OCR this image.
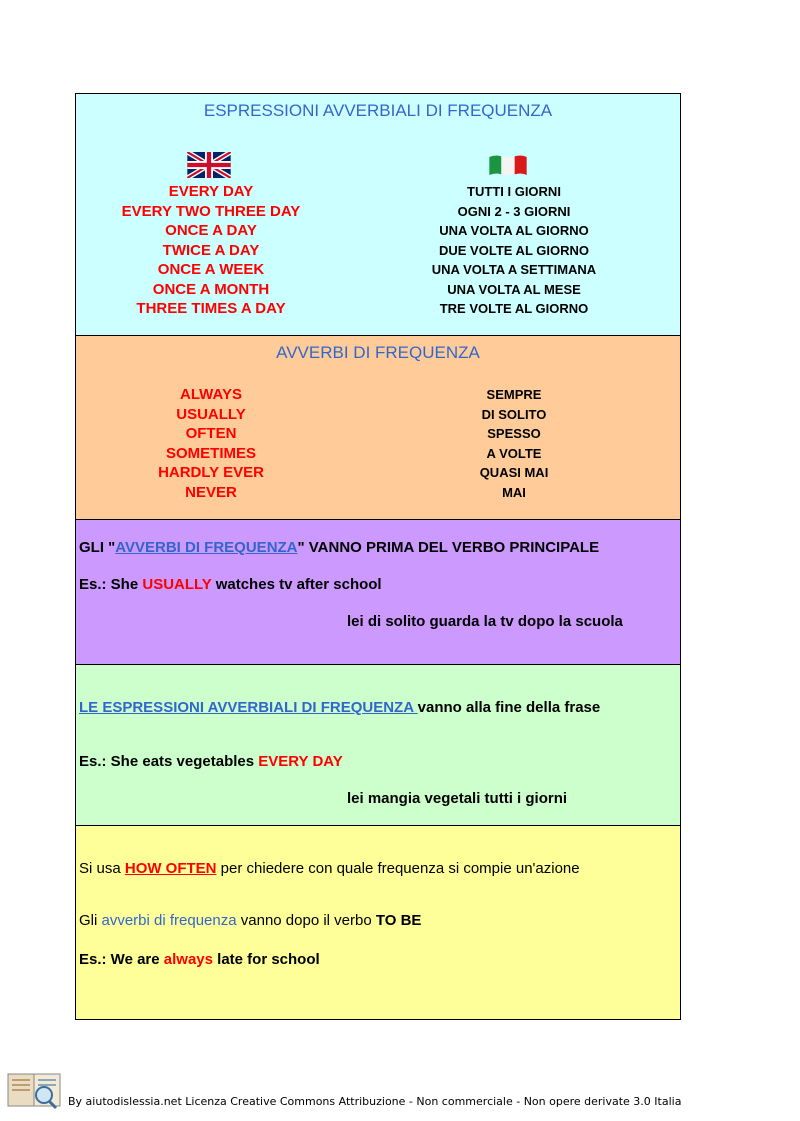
ESPRESSIONI AVVERBIALI DI FREQUENZA
EVERY DAY
EVERY TWO THREE DAY
ONCE A DAY
TWICE A DAY
ONCE A WEEK
ONCE A MONTH
THREE TIMES A DAY
TUTTI I GIORNI
OGNI 2 - 3 GIORNI
UNA VOLTA AL GIORNO
DUE VOLTE AL GIORNO
UNA VOLTA A SETTIMANA
UNA VOLTA AL MESE
TRE VOLTE AL GIORNO
AVVERBI DI FREQUENZA
ALWAYS
USUALLY
OFTEN
SOMETIMES
HARDLY EVER
NEVER
SEMPRE
DI SOLITO
SPESSO
A VOLTE
QUASI MAI
MAI
GLI "AVVERBI DI FREQUENZA" VANNO PRIMA DEL VERBO PRINCIPALE
Es.: She USUALLY watches tv after school
lei di solito guarda la tv dopo la scuola
LE ESPRESSIONI AVVERBIALI DI FREQUENZA vanno alla fine della frase
Es.: She eats vegetables EVERY DAY
lei mangia vegetali tutti i giorni
Si usa HOW OFTEN per chiedere con quale frequenza si compie un'azione
Gli avverbi di frequenza vanno dopo il verbo TO BE
Es.: We are always late for school
By aiutodislessia.net Licenza Creative Commons Attribuzione - Non commerciale - Non opere derivate 3.0 Italia
